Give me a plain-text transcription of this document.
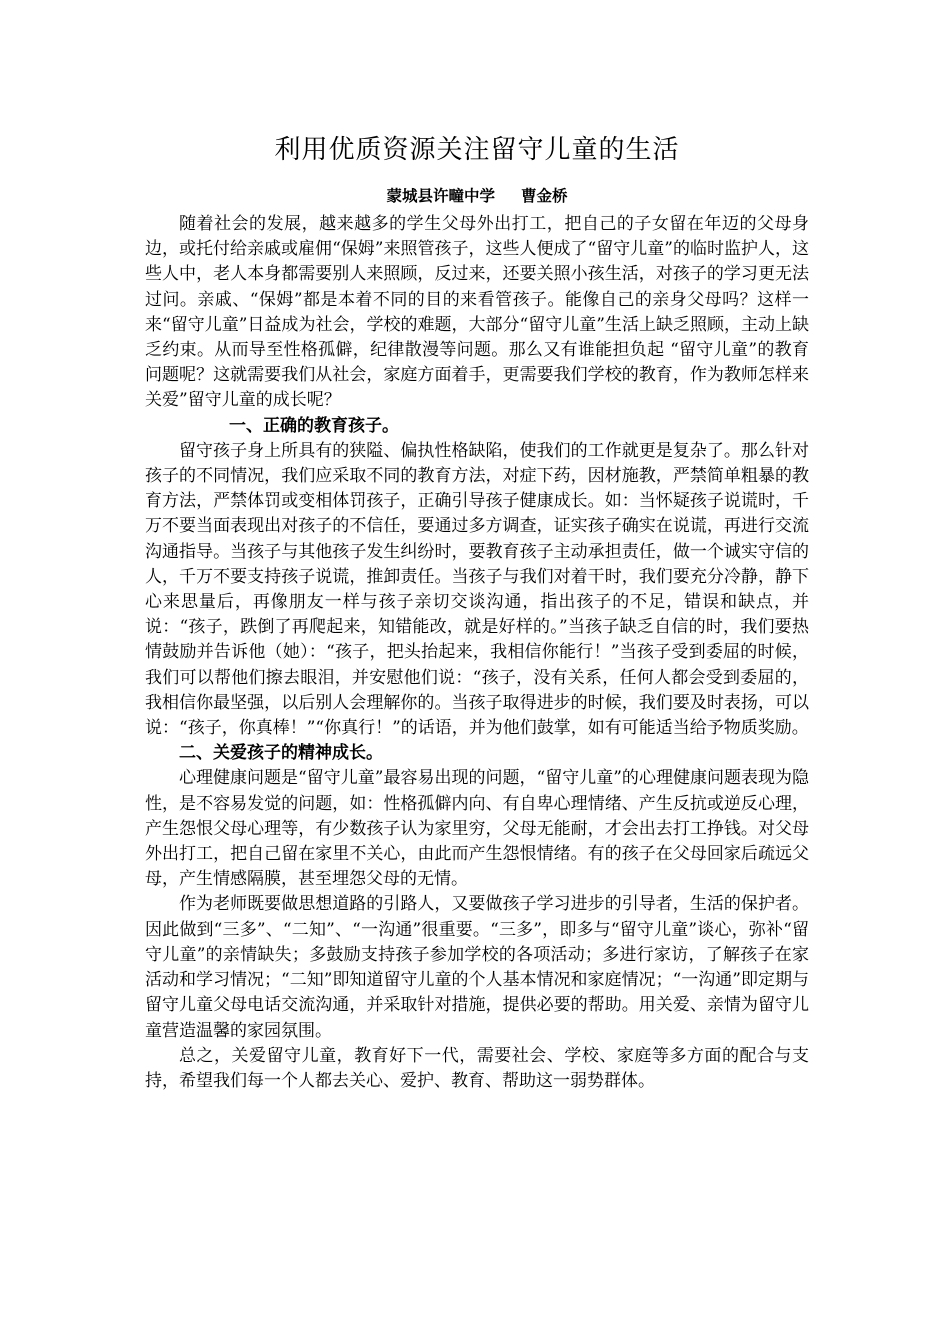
利用优质资源关注留守儿童的生活
蒙城县许疃中学 曹金桥

随着社会的发展，越来越多的学生父母外出打工，把自己的子女留在年迈的父母身边，或托付给亲戚或雇佣“保姆”来照管孩子，这些人便成了“留守儿童”的临时监护人，这些人中，老人本身都需要别人来照顾，反过来，还要关照小孩生活，对孩子的学习更无法过问。亲戚、“保姆”都是本着不同的目的来看管孩子。能像自己的亲身父母吗？这样一来“留守儿童”日益成为社会，学校的难题，大部分“留守儿童”生活上缺乏照顾，主动上缺乏约束。从而导至性格孤僻，纪律散漫等问题。那么又有谁能担负起 “留守儿童”的教育问题呢？这就需要我们从社会，家庭方面着手，更需要我们学校的教育，作为教师怎样来关爱”留守儿童的成长呢？

一、正确的教育孩子。

留守孩子身上所具有的狭隘、偏执性格缺陷，使我们的工作就更是复杂了。那么针对孩子的不同情况，我们应采取不同的教育方法，对症下药，因材施教，严禁简单粗暴的教育方法，严禁体罚或变相体罚孩子，正确引导孩子健康成长。如：当怀疑孩子说谎时，千万不要当面表现出对孩子的不信任，要通过多方调查，证实孩子确实在说谎，再进行交流沟通指导。当孩子与其他孩子发生纠纷时，要教育孩子主动承担责任，做一个诚实守信的人，千万不要支持孩子说谎，推卸责任。当孩子与我们对着干时，我们要充分冷静，静下心来思量后，再像朋友一样与孩子亲切交谈沟通，指出孩子的不足，错误和缺点，并说：“孩子，跌倒了再爬起来，知错能改，就是好样的。”当孩子缺乏自信的时，我们要热情鼓励并告诉他（她）：“孩子，把头抬起来，我相信你能行！”当孩子受到委屈的时候，我们可以帮他们擦去眼泪，并安慰他们说：“孩子，没有关系，任何人都会受到委屈的，我相信你最坚强，以后别人会理解你的。当孩子取得进步的时候，我们要及时表扬，可以说：“孩子，你真棒！”“你真行！”的话语，并为他们鼓掌，如有可能适当给予物质奖励。

二、关爱孩子的精神成长。

心理健康问题是“留守儿童”最容易出现的问题，“留守儿童”的心理健康问题表现为隐性，是不容易发觉的问题，如：性格孤僻内向、有自卑心理情绪、产生反抗或逆反心理，产生怨恨父母心理等，有少数孩子认为家里穷，父母无能耐，才会出去打工挣钱。对父母外出打工，把自己留在家里不关心，由此而产生怨恨情绪。有的孩子在父母回家后疏远父母，产生情感隔膜，甚至埋怨父母的无情。

作为老师既要做思想道路的引路人，又要做孩子学习进步的引导者，生活的保护者。因此做到“三多”、“二知”、“一沟通”很重要。“三多”，即多与“留守儿童”谈心，弥补“留守儿童”的亲情缺失；多鼓励支持孩子参加学校的各项活动；多进行家访，了解孩子在家活动和学习情况；“二知”即知道留守儿童的个人基本情况和家庭情况；“一沟通”即定期与留守儿童父母电话交流沟通，并采取针对措施，提供必要的帮助。用关爱、亲情为留守儿童营造温馨的家园氛围。

总之，关爱留守儿童，教育好下一代，需要社会、学校、家庭等多方面的配合与支持，希望我们每一个人都去关心、爱护、教育、帮助这一弱势群体。
